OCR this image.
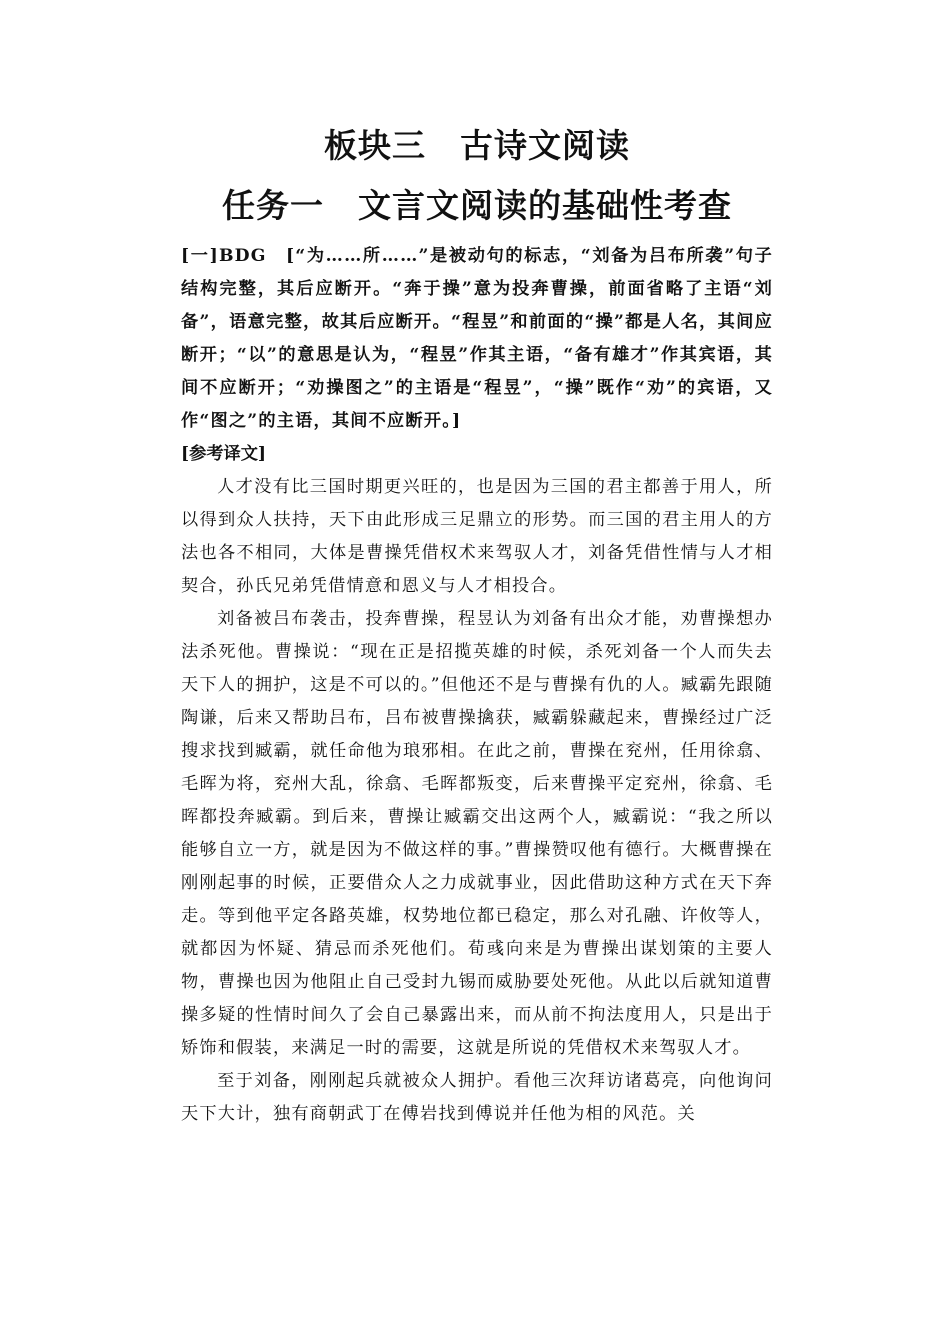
板块三　古诗文阅读
任务一　文言文阅读的基础性考查

[一]BDG　[“为……所……”是被动句的标志，“刘备为吕布所袭”句子结构完整，其后应断开。“奔于操”意为投奔曹操，前面省略了主语“刘备”，语意完整，故其后应断开。“程昱”和前面的“操”都是人名，其间应断开；“以”的意思是认为，“程昱”作其主语，“备有雄才”作其宾语，其间不应断开；“劝操图之”的主语是“程昱”，“操”既作“劝”的宾语，又作“图之”的主语，其间不应断开。]

[参考译文]

人才没有比三国时期更兴旺的，也是因为三国的君主都善于用人，所以得到众人扶持，天下由此形成三足鼎立的形势。而三国的君主用人的方法也各不相同，大体是曹操凭借权术来驾驭人才，刘备凭借性情与人才相契合，孙氏兄弟凭借情意和恩义与人才相投合。

刘备被吕布袭击，投奔曹操，程昱认为刘备有出众才能，劝曹操想办法杀死他。曹操说：“现在正是招揽英雄的时候，杀死刘备一个人而失去天下人的拥护，这是不可以的。”但他还不是与曹操有仇的人。臧霸先跟随陶谦，后来又帮助吕布，吕布被曹操擒获，臧霸躲藏起来，曹操经过广泛搜求找到臧霸，就任命他为琅邪相。在此之前，曹操在兖州，任用徐翕、毛晖为将，兖州大乱，徐翕、毛晖都叛变，后来曹操平定兖州，徐翕、毛晖都投奔臧霸。到后来，曹操让臧霸交出这两个人，臧霸说：“我之所以能够自立一方，就是因为不做这样的事。”曹操赞叹他有德行。大概曹操在刚刚起事的时候，正要借众人之力成就事业，因此借助这种方式在天下奔走。等到他平定各路英雄，权势地位都已稳定，那么对孔融、许攸等人，就都因为怀疑、猜忌而杀死他们。荀彧向来是为曹操出谋划策的主要人物，曹操也因为他阻止自己受封九锡而威胁要处死他。从此以后就知道曹操多疑的性情时间久了会自己暴露出来，而从前不拘法度用人，只是出于矫饰和假装，来满足一时的需要，这就是所说的凭借权术来驾驭人才。

至于刘备，刚刚起兵就被众人拥护。看他三次拜访诸葛亮，向他询问天下大计，独有商朝武丁在傅岩找到傅说并任他为相的风范。关
